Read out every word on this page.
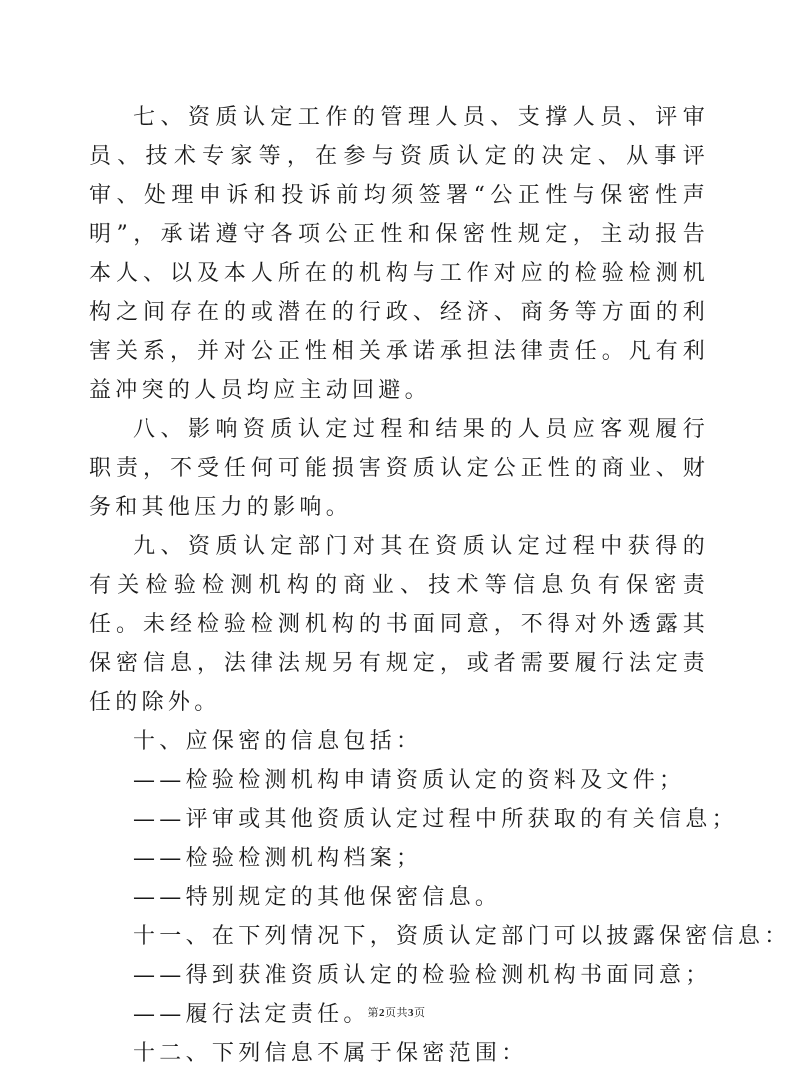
七、资质认定工作的管理人员、支撑人员、评审员、技术专家等，在参与资质认定的决定、从事评审、处理申诉和投诉前均须签署“公正性与保密性声明”，承诺遵守各项公正性和保密性规定，主动报告本人、以及本人所在的机构与工作对应的检验检测机构之间存在的或潜在的行政、经济、商务等方面的利害关系，并对公正性相关承诺承担法律责任。凡有利益冲突的人员均应主动回避。

八、影响资质认定过程和结果的人员应客观履行职责，不受任何可能损害资质认定公正性的商业、财务和其他压力的影响。

九、资质认定部门对其在资质认定过程中获得的有关检验检测机构的商业、技术等信息负有保密责任。未经检验检测机构的书面同意，不得对外透露其保密信息，法律法规另有规定，或者需要履行法定责任的除外。

十、应保密的信息包括：

——检验检测机构申请资质认定的资料及文件；

——评审或其他资质认定过程中所获取的有关信息；

——检验检测机构档案；

——特别规定的其他保密信息。

十一、在下列情况下，资质认定部门可以披露保密信息：

——得到获准资质认定的检验检测机构书面同意；

——履行法定责任。

十二、下列信息不属于保密范围：

第2页共3页
